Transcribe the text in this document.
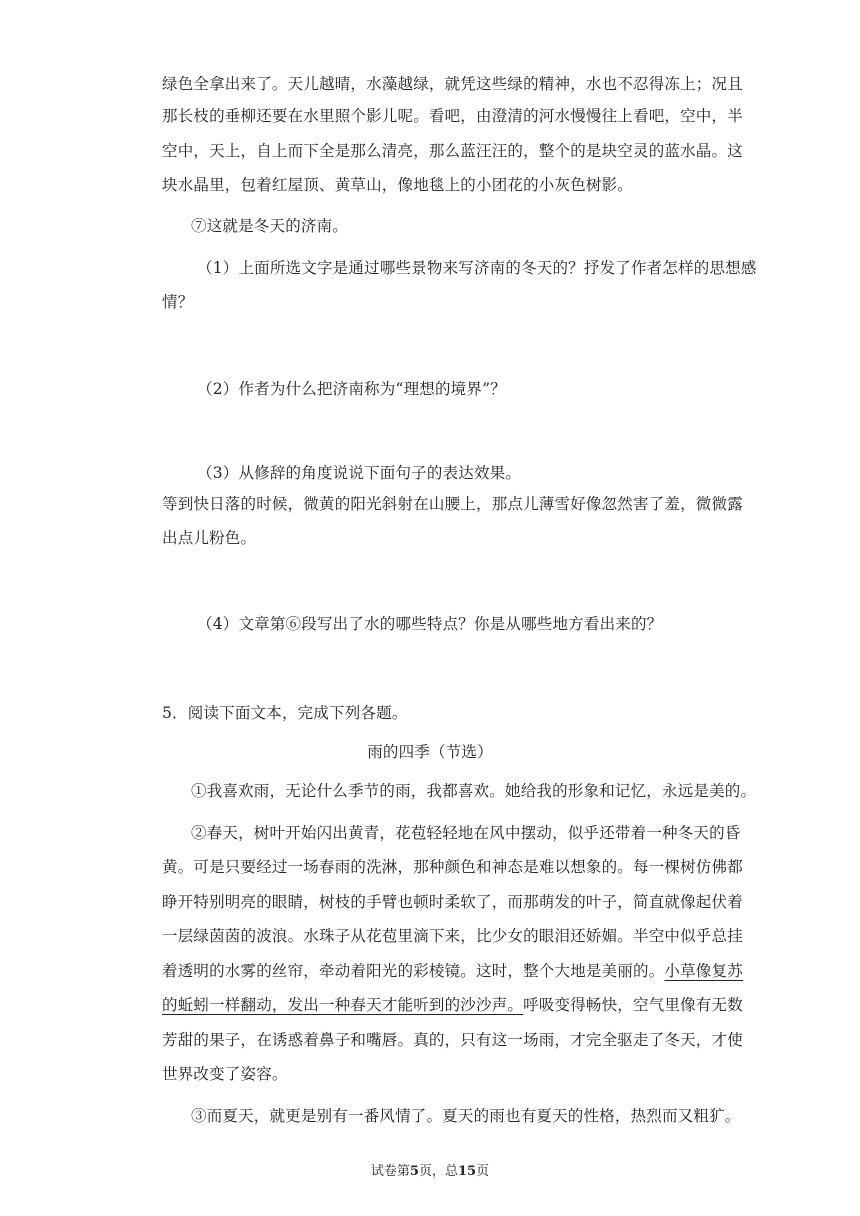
绿色全拿出来了。天儿越晴，水藻越绿，就凭这些绿的精神，水也不忍得冻上；况且

那长枝的垂柳还要在水里照个影儿呢。看吧，由澄清的河水慢慢往上看吧，空中，半

空中，天上，自上而下全是那么清亮，那么蓝汪汪的，整个的是块空灵的蓝水晶。这

块水晶里，包着红屋顶、黄草山，像地毯上的小团花的小灰色树影。

⑦这就是冬天的济南。

（1）上面所选文字是通过哪些景物来写济南的冬天的？抒发了作者怎样的思想感

情？

（2）作者为什么把济南称为“理想的境界”？

（3）从修辞的角度说说下面句子的表达效果。

等到快日落的时候，微黄的阳光斜射在山腰上，那点儿薄雪好像忽然害了羞，微微露

出点儿粉色。

（4）文章第⑥段写出了水的哪些特点？你是从哪些地方看出来的？

5．阅读下面文本，完成下列各题。

雨的四季（节选）

①我喜欢雨，无论什么季节的雨，我都喜欢。她给我的形象和记忆，永远是美的。

②春天，树叶开始闪出黄青，花苞轻轻地在风中摆动，似乎还带着一种冬天的昏

黄。可是只要经过一场春雨的洗淋，那种颜色和神态是难以想象的。每一棵树仿佛都

睁开特别明亮的眼睛，树枝的手臂也顿时柔软了，而那萌发的叶子，简直就像起伏着

一层绿茵茵的波浪。水珠子从花苞里滴下来，比少女的眼泪还娇媚。半空中似乎总挂

着透明的水雾的丝帘，牵动着阳光的彩棱镜。这时，整个大地是美丽的。小草像复苏

的蚯蚓一样翻动，发出一种春天才能听到的沙沙声。呼吸变得畅快，空气里像有无数

芳甜的果子，在诱惑着鼻子和嘴唇。真的，只有这一场雨，才完全驱走了冬天，才使

世界改变了姿容。

③而夏天，就更是别有一番风情了。夏天的雨也有夏天的性格，热烈而又粗犷。

试卷第5页，总15页
